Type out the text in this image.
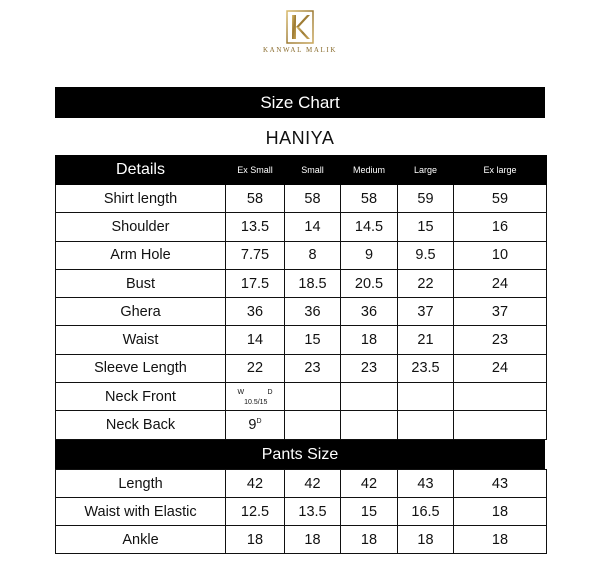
KANWAL MALIK
Size Chart
HANIYA
Details	Ex Small	Small	Medium	Large	Ex large
Shirt length	58	58	58	59	59
Shoulder	13.5	14	14.5	15	16
Arm Hole	7.75	8	9	9.5	10
Bust	17.5	18.5	20.5	22	24
Ghera	36	36	36	37	37
Waist	14	15	18	21	23
Sleeve Length	22	23	23	23.5	24
Neck Front	$^W_{10.5/15}^D$				
Neck Back	$9^D$				
Pants Size
Length	42	42	42	43	43
Waist with Elastic	12.5	13.5	15	16.5	18
Ankle	18	18	18	18	18
